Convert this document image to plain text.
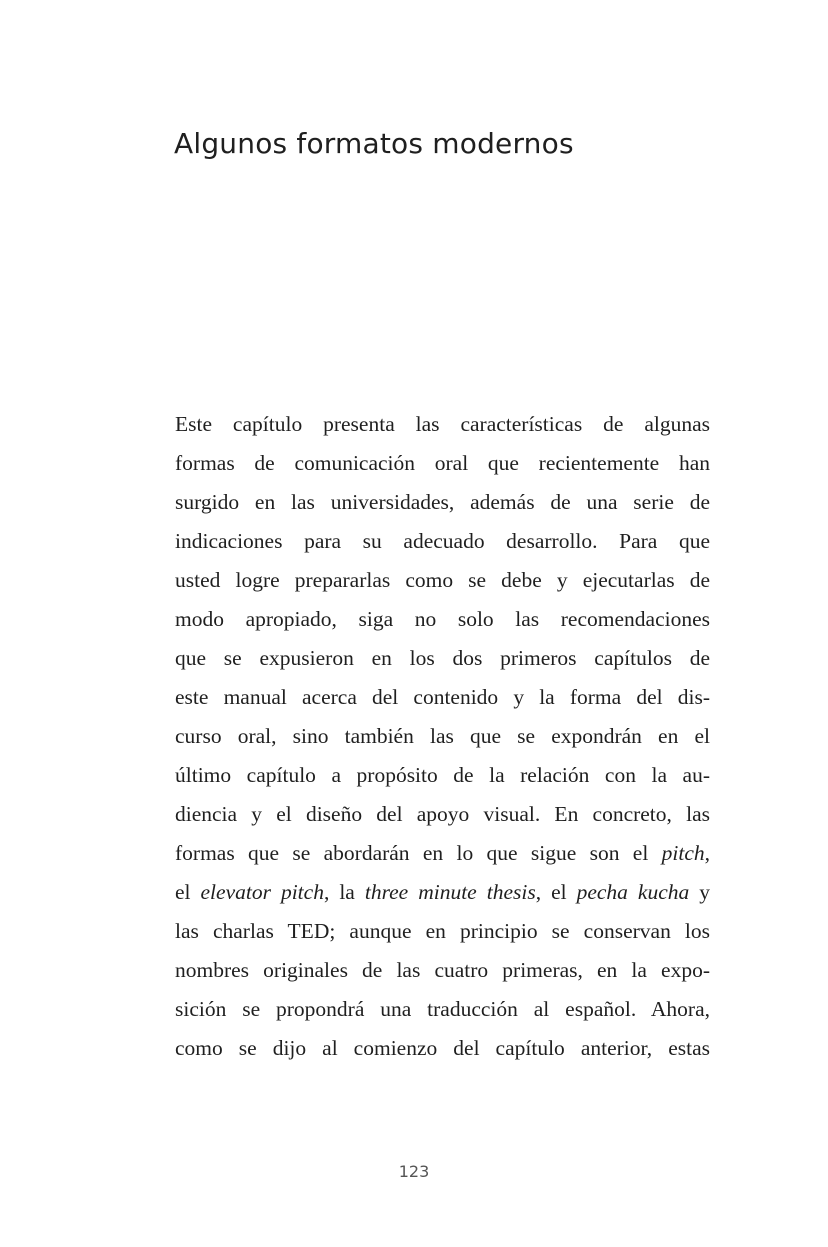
Algunos formatos modernos
Este capítulo presenta las características de algunas
formas de comunicación oral que recientemente han
surgido en las universidades, además de una serie de
indicaciones para su adecuado desarrollo. Para que
usted logre prepararlas como se debe y ejecutarlas de
modo apropiado, siga no solo las recomendaciones
que se expusieron en los dos primeros capítulos de
este manual acerca del contenido y la forma del dis-
curso oral, sino también las que se expondrán en el
último capítulo a propósito de la relación con la au-
diencia y el diseño del apoyo visual. En concreto, las
formas que se abordarán en lo que sigue son el pitch,
el elevator pitch, la three minute thesis, el pecha kucha y
las charlas TED; aunque en principio se conservan los
nombres originales de las cuatro primeras, en la expo-
sición se propondrá una traducción al español. Ahora,
como se dijo al comienzo del capítulo anterior, estas
123
